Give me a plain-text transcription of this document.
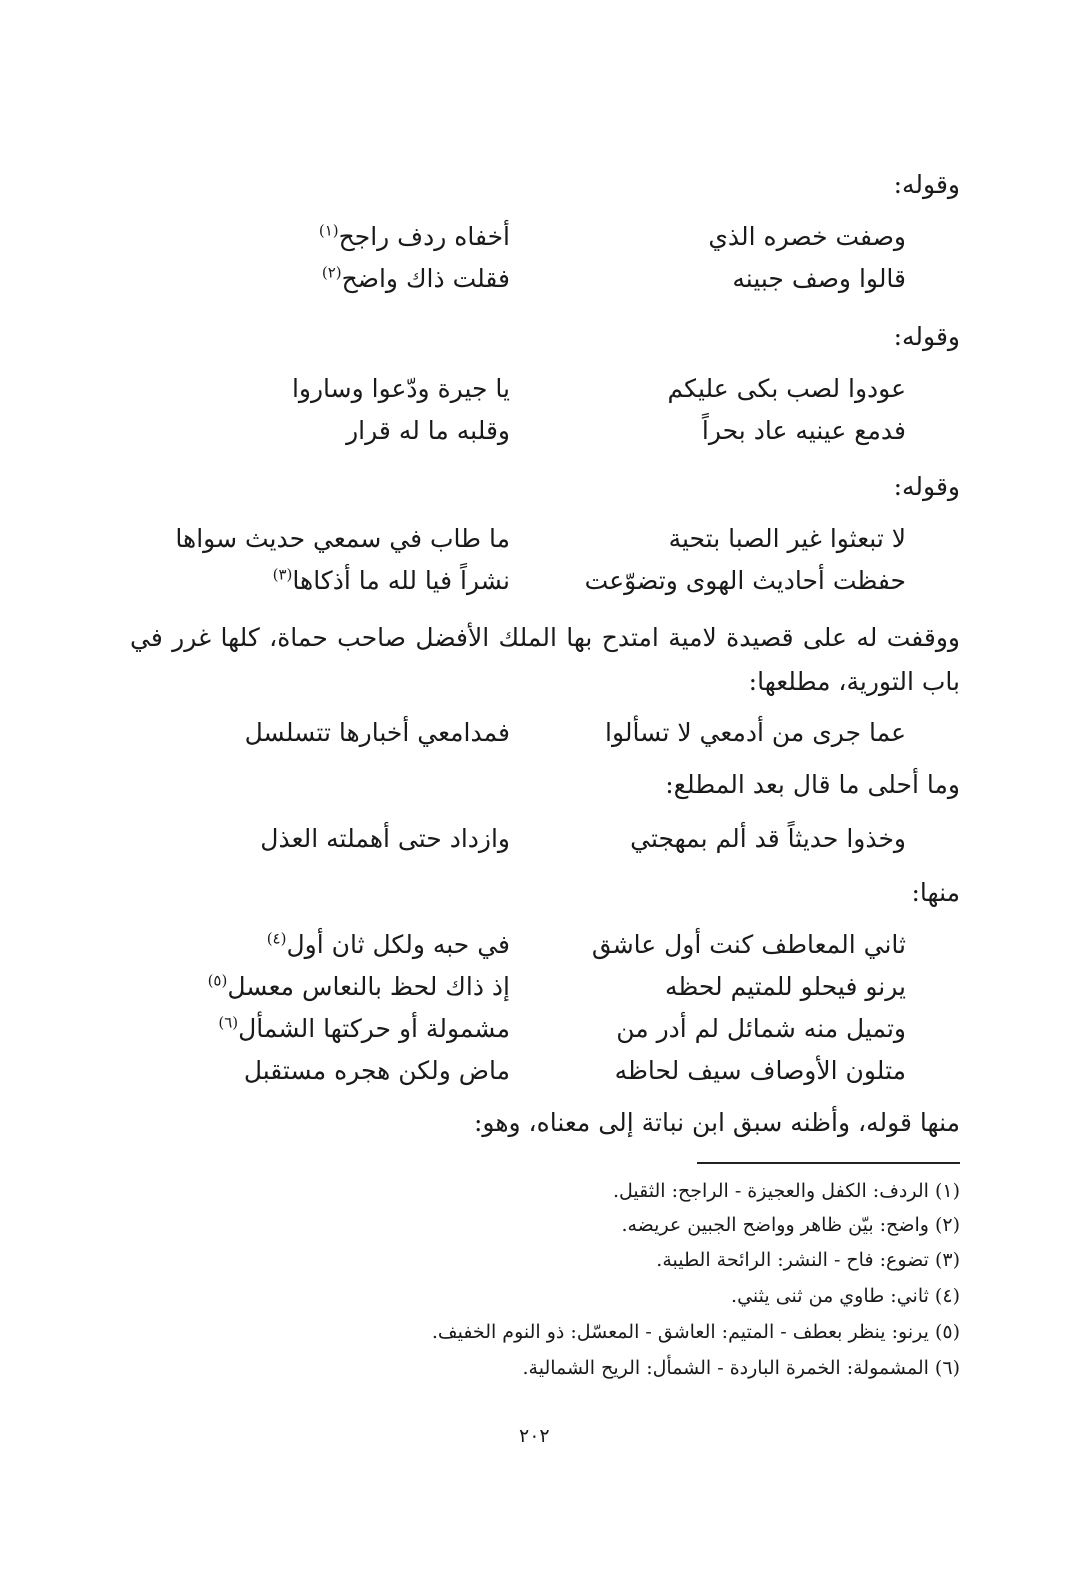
وقوله:
وصفت خصره الذي
أخفاه ردف راجح$^{(١)}$
قالوا وصف جبينه
فقلت ذاك واضح$^{(٢)}$
وقوله:
عودوا لصب بكى عليكم
يا جيرة ودّعوا وساروا
فدمع عينيه عاد بحراً
وقلبه ما له قرار
وقوله:
لا تبعثوا غير الصبا بتحية
ما طاب في سمعي حديث سواها
حفظت أحاديث الهوى وتضوّعت
نشراً فيا لله ما أذكاها$^{(٣)}$
ووقفت له على قصيدة لامية امتدح بها الملك الأفضل صاحب حماة، كلها غرر في باب التورية، مطلعها:
عما جرى من أدمعي لا تسألوا
فمدامعي أخبارها تتسلسل
وما أحلى ما قال بعد المطلع:
وخذوا حديثاً قد ألم بمهجتي
وازداد حتى أهملته العذل
منها:
ثاني المعاطف كنت أول عاشق
في حبه ولكل ثان أول$^{(٤)}$
يرنو فيحلو للمتيم لحظه
إذ ذاك لحظ بالنعاس معسل$^{(٥)}$
وتميل منه شمائل لم أدر من
مشمولة أو حركتها الشمأل$^{(٦)}$
متلون الأوصاف سيف لحاظه
ماض ولكن هجره مستقبل
منها قوله، وأظنه سبق ابن نباتة إلى معناه، وهو:
(١) الردف: الكفل والعجيزة - الراجح: الثقيل.
(٢) واضح: بيّن ظاهر وواضح الجبين عريضه.
(٣) تضوع: فاح - النشر: الرائحة الطيبة.
(٤) ثاني: طاوي من ثنى يثني.
(٥) يرنو: ينظر بعطف - المتيم: العاشق - المعسّل: ذو النوم الخفيف.
(٦) المشمولة: الخمرة الباردة - الشمأل: الريح الشمالية.
٢٠٢
